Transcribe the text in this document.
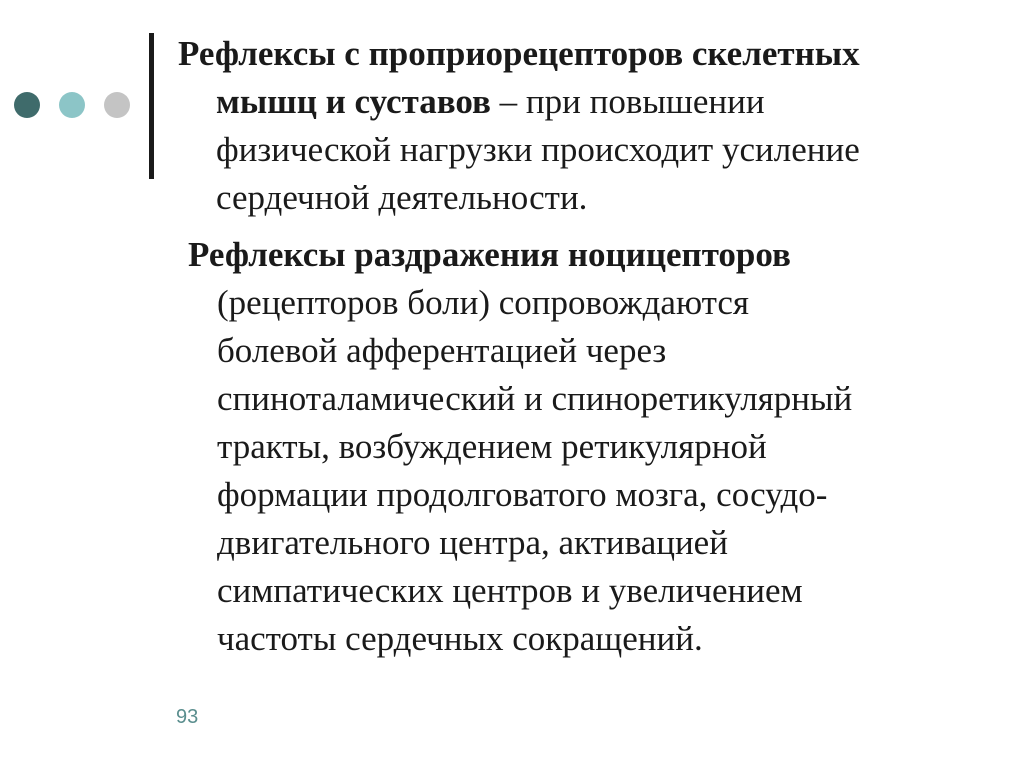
Рефлексы с проприорецепторов скелетных
мышц и суставов – при повышении
физической нагрузки происходит усиление
сердечной деятельности.

Рефлексы раздражения ноцицепторов
(рецепторов боли) сопровождаются
болевой афферентацией через
спиноталамический и спиноретикулярный
тракты, возбуждением ретикулярной
формации продолговатого мозга, сосудо-
двигательного центра, активацией
симпатических центров и увеличением
частоты сердечных сокращений.

93
